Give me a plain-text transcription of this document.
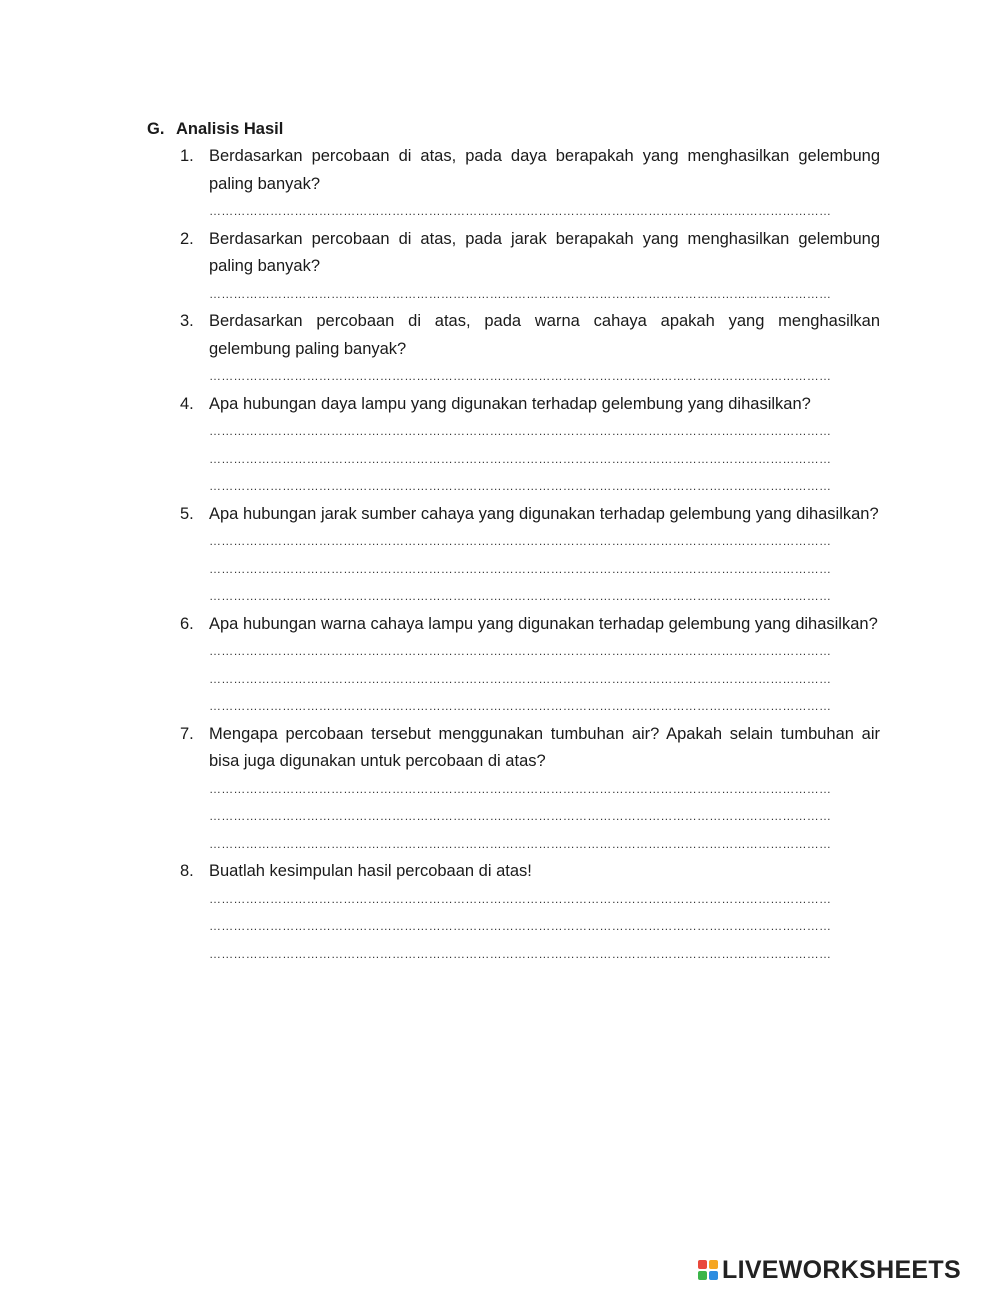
G. Analisis Hasil
1. Berdasarkan percobaan di atas, pada daya berapakah yang menghasilkan gelembung paling banyak?
………………………………………………………………………………………………………………………………………
2. Berdasarkan percobaan di atas, pada jarak berapakah yang menghasilkan gelembung paling banyak?
………………………………………………………………………………………………………………………………………
3. Berdasarkan percobaan di atas, pada warna cahaya apakah yang menghasilkan gelembung paling banyak?
………………………………………………………………………………………………………………………………………
4. Apa hubungan daya lampu yang digunakan terhadap gelembung yang dihasilkan?
………………………………………………………………………………………………………………………………………
………………………………………………………………………………………………………………………………………
………………………………………………………………………………………………………………………………………
5. Apa hubungan jarak sumber cahaya yang digunakan terhadap gelembung yang dihasilkan?
………………………………………………………………………………………………………………………………………
………………………………………………………………………………………………………………………………………
………………………………………………………………………………………………………………………………………
6. Apa hubungan warna cahaya lampu yang digunakan terhadap gelembung yang dihasilkan?
………………………………………………………………………………………………………………………………………
………………………………………………………………………………………………………………………………………
………………………………………………………………………………………………………………………………………
7. Mengapa percobaan tersebut menggunakan tumbuhan air? Apakah selain tumbuhan air bisa juga digunakan untuk percobaan di atas?
………………………………………………………………………………………………………………………………………
………………………………………………………………………………………………………………………………………
………………………………………………………………………………………………………………………………………
8. Buatlah kesimpulan hasil percobaan di atas!
………………………………………………………………………………………………………………………………………
………………………………………………………………………………………………………………………………………
………………………………………………………………………………………………………………………………………
LIVEWORKSHEETS
